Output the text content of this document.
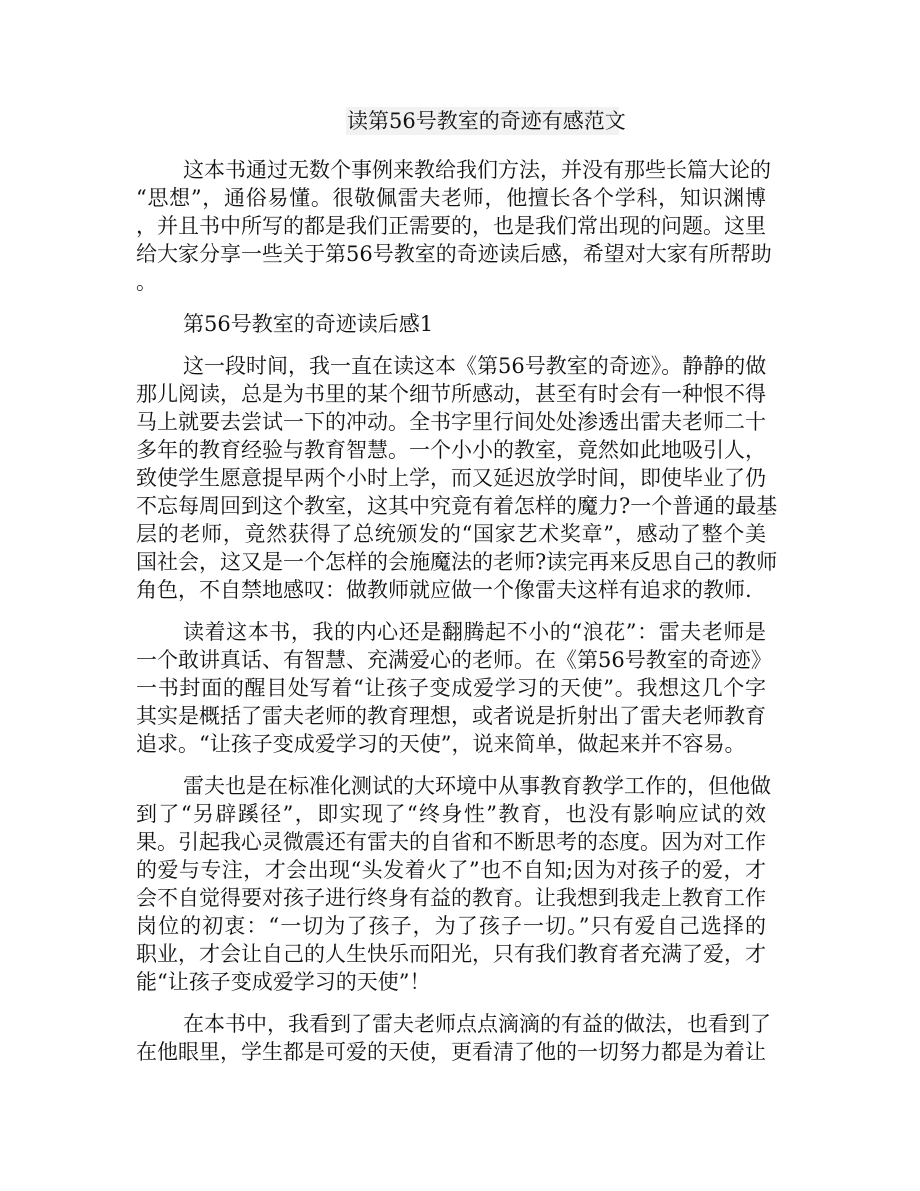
读第56号教室的奇迹有感范文
这本书通过无数个事例来教给我们方法，并没有那些长篇大论的
“思想”，通俗易懂。很敬佩雷夫老师，他擅长各个学科，知识渊博
，并且书中所写的都是我们正需要的，也是我们常出现的问题。这里
给大家分享一些关于第56号教室的奇迹读后感，希望对大家有所帮助
。
第56号教室的奇迹读后感1
这一段时间，我一直在读这本《第56号教室的奇迹》。静静的做
那儿阅读，总是为书里的某个细节所感动，甚至有时会有一种恨不得
马上就要去尝试一下的冲动。全书字里行间处处渗透出雷夫老师二十
多年的教育经验与教育智慧。一个小小的教室，竟然如此地吸引人，
致使学生愿意提早两个小时上学，而又延迟放学时间，即使毕业了仍
不忘每周回到这个教室，这其中究竟有着怎样的魔力?一个普通的最基
层的老师，竟然获得了总统颁发的“国家艺术奖章”，感动了整个美
国社会，这又是一个怎样的会施魔法的老师?读完再来反思自己的教师
角色，不自禁地感叹：做教师就应做一个像雷夫这样有追求的教师.
读着这本书，我的内心还是翻腾起不小的“浪花”：雷夫老师是
一个敢讲真话、有智慧、充满爱心的老师。在《第56号教室的奇迹》
一书封面的醒目处写着“让孩子变成爱学习的天使”。我想这几个字
其实是概括了雷夫老师的教育理想，或者说是折射出了雷夫老师教育
追求。“让孩子变成爱学习的天使”，说来简单，做起来并不容易。
雷夫也是在标准化测试的大环境中从事教育教学工作的，但他做
到了“另辟蹊径”，即实现了“终身性”教育，也没有影响应试的效
果。引起我心灵微震还有雷夫的自省和不断思考的态度。因为对工作
的爱与专注，才会出现“头发着火了”也不自知;因为对孩子的爱，才
会不自觉得要对孩子进行终身有益的教育。让我想到我走上教育工作
岗位的初衷：“一切为了孩子，为了孩子一切。”只有爱自己选择的
职业，才会让自己的人生快乐而阳光，只有我们教育者充满了爱，才
能“让孩子变成爱学习的天使”！
在本书中，我看到了雷夫老师点点滴滴的有益的做法，也看到了
在他眼里，学生都是可爱的天使，更看清了他的一切努力都是为着让
